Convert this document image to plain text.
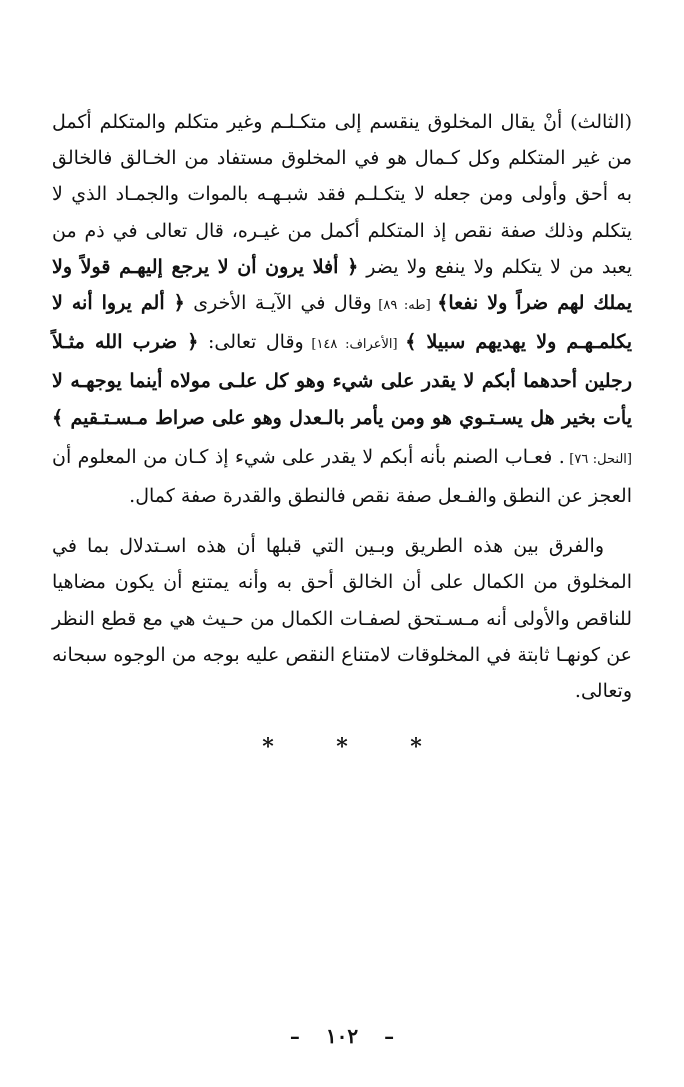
(الثالث) أنْ يقال المخلوق ينقسم إلى متكـلـم وغير متكلم والمتكلم أكمل من غير المتكلم وكل كـمال هو في المخلوق مستفاد من الخـالق فالخالق به أحق وأولى ومن جعله لا يتكـلـم فقد شبـهـه بالموات والجمـاد الذي لا يتكلم وذلك صفة نقص إذ المتكلم أكمل من غيـره، قال تعالى في ذم من يعبد من لا يتكلم ولا ينفع ولا يضر ﴿ أفلا يرون أن لا يرجع إليهـم قولاً ولا يملك لهم ضراً ولا نفعا﴾ [طه: ٨٩] وقال في الآيـة الأخرى ﴿ ألم يروا أنه لا يكلمـهـم ولا يهديهم سبيلا ﴾ [الأعراف: ١٤٨] وقال تعالى: ﴿ ضرب الله مثـلاً رجلين أحدهما أبكم لا يقدر على شيء وهو كل علـى مولاه أينما يوجهـه لا يأت بخير هل يسـتـوي هو ومن يأمر بالـعدل وهو على صراط مـسـتـقيم ﴾ [النحل: ٧٦] . فعـاب الصنم بأنه أبكم لا يقدر على شيء إذ كـان من المعلوم أن العجز عن النطق والفـعل صفة نقص فالنطق والقدرة صفة كمال.

والفرق بين هذه الطريق وبـين التي قبلها أن هذه اسـتدلال بما في المخلوق من الكمال على أن الخالق أحق به وأنه يمتنع أن يكون مضاهيا للناقص والأولى أنه مـسـتحق لصفـات الكمال من حـيث هي مع قطع النظر عن كونهـا ثابتة في المخلوقات لامتناع النقص عليه بوجه من الوجوه سبحانه وتعالى.

*	*	*
–١٠٢–
